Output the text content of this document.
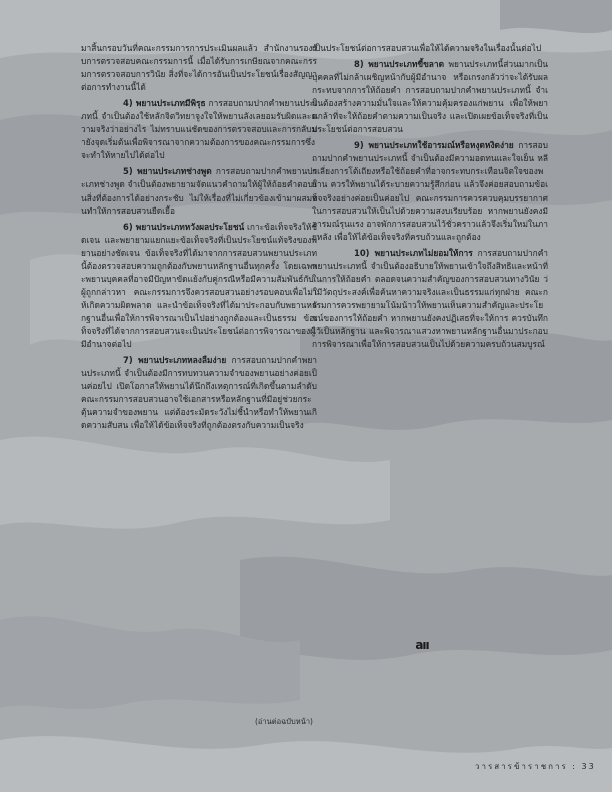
มาสิ้นกรอบวันที่คณะกรรมการการประเมินผลแล้ว สำนักงานรองรับการตรวจสอบคณะกรรมการนี้ เมื่อได้รับการเกษียณจากคณะกรรมการตรวจสอบการวินัย สิ่งที่จะได้การอันเป็นประโยชน์เรื่องสัญญาต่อการทำงานนี้ได้

4) พยานประเภทมีพิรุธ การสอบถามปากคำพยานประเภทนี้ จำเป็นต้องใช้หลักจิตวิทยาจูงใจให้พยานลังเลยอมรับผิดและความจริงว่าอย่างไร ไม่ทราบแน่ชัดของการตรวจสอบและการกลับมายังจุดเริ่มต้นเพื่อพิจารณาจากความต้องการของคณะกรรมการซึ่งจะทำให้หายไปได้ต่อไป

5) พยานประเภทช่างพูด การสอบถามปากคำพยานประเภทช่างพูด จำเป็นต้องพยายามจัดแนวคำถามให้ผู้ให้ถ้อยคำตอบในสิ่งที่ต้องการได้อย่างกระชับ ไม่ให้เรื่องที่ไม่เกี่ยวข้องเข้ามาผสมจนทำให้การสอบสวนยืดเยื้อ

6) พยานประเภทหวังผลประโยชน์ เกาะข้อเท็จจริงให้ชัดเจน และพยายามแยกแยะข้อเท็จจริงที่เป็นประโยชน์แท้จริงของพยานอย่างชัดเจน ข้อเท็จจริงที่ได้มาจากการสอบสวนพยานประเภทนี้ต้องตรวจสอบความถูกต้องกับพยานหลักฐานอื่นทุกครั้ง โดยเฉพาะพยานบุคคลที่อาจมีปัญหาขัดแย้งกับคู่กรณีหรือมีความสัมพันธ์กับผู้ถูกกล่าวหา คณะกรรมการจึงควรสอบสวนอย่างรอบคอบเพื่อไม่ให้เกิดความผิดพลาด และนำข้อเท็จจริงที่ได้มาประกอบกับพยานหลักฐานอื่นเพื่อให้การพิจารณาเป็นไปอย่างถูกต้องและเป็นธรรม ข้อเท็จจริงที่ได้จากการสอบสวนจะเป็นประโยชน์ต่อการพิจารณาของผู้มีอำนาจต่อไป

7) พยานประเภทหลงลืมง่าย การสอบถามปากคำพยานประเภทนี้ จำเป็นต้องมีการทบทวนความจำของพยานอย่างค่อยเป็นค่อยไป เปิดโอกาสให้พยานได้นึกถึงเหตุการณ์ที่เกิดขึ้นตามลำดับ คณะกรรมการสอบสวนอาจใช้เอกสารหรือหลักฐานที่มีอยู่ช่วยกระตุ้นความจำของพยาน แต่ต้องระมัดระวังไม่ชี้นำหรือทำให้พยานเกิดความสับสน เพื่อให้ได้ข้อเท็จจริงที่ถูกต้องตรงกับความเป็นจริง

เป็นประโยชน์ต่อการสอบสวนเพื่อให้ได้ความจริงในเรื่องนั้นต่อไป

8) พยานประเภทขี้ขลาด พยานประเภทนี้ส่วนมากเป็นบุคคลที่ไม่กล้าเผชิญหน้ากับผู้มีอำนาจ หรือเกรงกลัวว่าจะได้รับผลกระทบจากการให้ถ้อยคำ การสอบถามปากคำพยานประเภทนี้ จำเป็นต้องสร้างความมั่นใจและให้ความคุ้มครองแก่พยาน เพื่อให้พยานกล้าที่จะให้ถ้อยคำตามความเป็นจริง และเปิดเผยข้อเท็จจริงที่เป็นประโยชน์ต่อการสอบสวน

9) พยานประเภทใช้อารมณ์หรือหงุดหงิดง่าย การสอบถามปากคำพยานประเภทนี้ จำเป็นต้องมีความอดทนและใจเย็น หลีกเลี่ยงการโต้เถียงหรือใช้ถ้อยคำที่อาจกระทบกระเทือนจิตใจของพยาน ควรให้พยานได้ระบายความรู้สึกก่อน แล้วจึงค่อยสอบถามข้อเท็จจริงอย่างค่อยเป็นค่อยไป คณะกรรมการควรควบคุมบรรยากาศในการสอบสวนให้เป็นไปด้วยความสงบเรียบร้อย หากพยานยังคงมีอารมณ์รุนแรง อาจพักการสอบสวนไว้ชั่วคราวแล้วจึงเริ่มใหม่ในภายหลัง เพื่อให้ได้ข้อเท็จจริงที่ครบถ้วนและถูกต้อง

10) พยานประเภทไม่ยอมให้การ การสอบถามปากคำพยานประเภทนี้ จำเป็นต้องอธิบายให้พยานเข้าใจถึงสิทธิและหน้าที่ในการให้ถ้อยคำ ตลอดจนความสำคัญของการสอบสวนทางวินัย ว่ามีวัตถุประสงค์เพื่อค้นหาความจริงและเป็นธรรมแก่ทุกฝ่าย คณะกรรมการควรพยายามโน้มน้าวให้พยานเห็นความสำคัญและประโยชน์ของการให้ถ้อยคำ หากพยานยังคงปฏิเสธที่จะให้การ ควรบันทึกไว้เป็นหลักฐาน และพิจารณาแสวงหาพยานหลักฐานอื่นมาประกอบการพิจารณาเพื่อให้การสอบสวนเป็นไปด้วยความครบถ้วนสมบูรณ์

aıı
(อ่านต่อฉบับหน้า)
วารสารข้าราชการ : 33
